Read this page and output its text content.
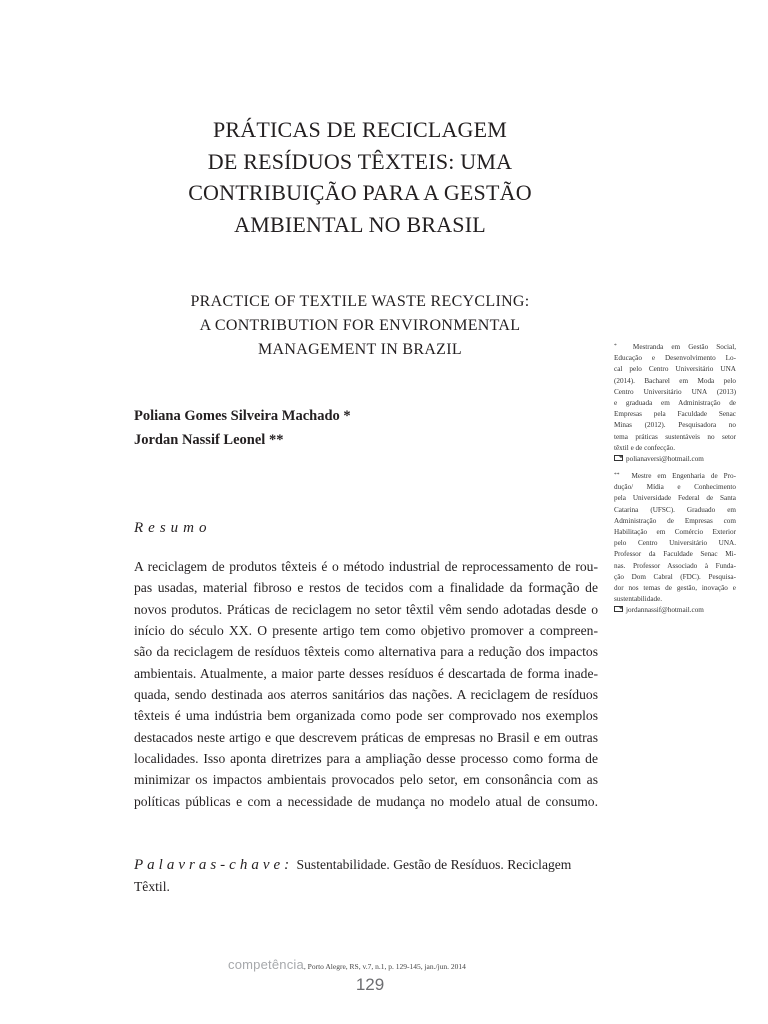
PRÁTICAS DE RECICLAGEM
DE RESÍDUOS TÊXTEIS: UMA
CONTRIBUIÇÃO PARA A GESTÃO
AMBIENTAL NO BRASIL
PRACTICE OF TEXTILE WASTE RECYCLING:
A CONTRIBUTION FOR ENVIRONMENTAL
MANAGEMENT IN BRAZIL
Poliana Gomes Silveira Machado *
Jordan Nassif Leonel **
Resumo
A reciclagem de produtos têxteis é o método industrial de reprocessamento de rou-
pas usadas, material fibroso e restos de tecidos com a finalidade da formação de
novos produtos. Práticas de reciclagem no setor têxtil vêm sendo adotadas desde o
início do século XX. O presente artigo tem como objetivo promover a compreen-
são da reciclagem de resíduos têxteis como alternativa para a redução dos impactos
ambientais. Atualmente, a maior parte desses resíduos é descartada de forma inade-
quada, sendo destinada aos aterros sanitários das nações. A reciclagem de resíduos
têxteis é uma indústria bem organizada como pode ser comprovado nos exemplos
destacados neste artigo e que descrevem práticas de empresas no Brasil e em outras
localidades. Isso aponta diretrizes para a ampliação desse processo como forma de
minimizar os impactos ambientais provocados pelo setor, em consonância com as
políticas públicas e com a necessidade de mudança no modelo atual de consumo.
Palavras-chave: Sustentabilidade. Gestão de Resíduos. Reciclagem
Têxtil.
* Mestranda em Gestão Social,
Educação e Desenvolvimento Lo-
cal pelo Centro Universitário UNA
(2014). Bacharel em Moda pelo
Centro Universitário UNA (2013)
e graduada em Administração de
Empresas pela Faculdade Senac
Minas (2012). Pesquisadora no
tema práticas sustentáveis no setor
têxtil e de confecção.
polianaversi@hotmail.com
** Mestre em Engenharia de Pro-
dução/ Mídia e Conhecimento
pela Universidade Federal de Santa
Catarina (UFSC). Graduado em
Administração de Empresas com
Habilitação em Comércio Exterior
pelo Centro Universitário UNA.
Professor da Faculdade Senac Mi-
nas. Professor Associado à Funda-
ção Dom Cabral (FDC). Pesquisa-
dor nos temas de gestão, inovação e
sustentabilidade.
jordannassif@hotmail.com
competência, Porto Alegre, RS, v.7, n.1, p. 129-145, jan./jun. 2014
129
